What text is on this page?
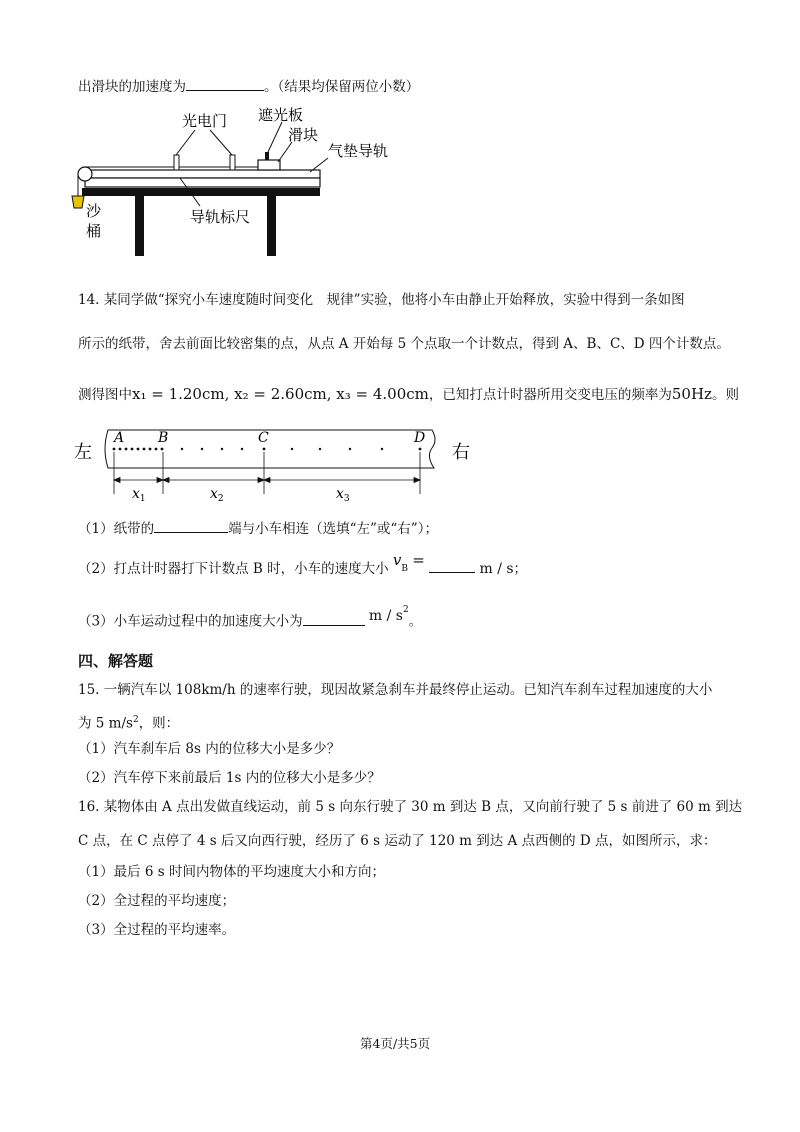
出滑块的加速度为	。（结果均保留两位小数）
光电门 遮光板
滑块
气垫导轨
导轨标尺
沙
桶
14. 某同学做“探究小车速度随时间变化　规律”实验，他将小车由静止开始释放，实验中得到一条如图
所示的纸带，舍去前面比较密集的点，从点 A 开始每 5 个点取一个计数点，得到 A、B、C、D 四个计数点。
测得图中x₁ = 1.20cm, x₂ = 2.60cm, x₃ = 4.00cm，已知打点计时器所用交变电压的频率为50Hz。则
左	右
A B	C	D
$x_1$	$x_2$	$x_3$
（1）纸带的	端与小车相连（选填“左”或“右”）；
（2）打点计时器打下计数点 B 时，小车的速度大小 $v_B$ =	m / s；
（3）小车运动过程中的加速度大小为	m / $s^2$。
四、解答题
15. 一辆汽车以 108km/h 的速率行驶，现因故紧急刹车并最终停止运动。已知汽车刹车过程加速度的大小
为 5 $m/s^2$，则：
（1）汽车刹车后 8s 内的位移大小是多少？
（2）汽车停下来前最后 1s 内的位移大小是多少？
16. 某物体由 A 点出发做直线运动，前 5 s 向东行驶了 30 m 到达 B 点，又向前行驶了 5 s 前进了 60 m 到达
C 点，在 C 点停了 4 s 后又向西行驶，经历了 6 s 运动了 120 m 到达 A 点西侧的 D 点，如图所示，求：
（1）最后 6 s 时间内物体的平均速度大小和方向；
（2）全过程的平均速度；
（3）全过程的平均速率。
第4页/共5页
